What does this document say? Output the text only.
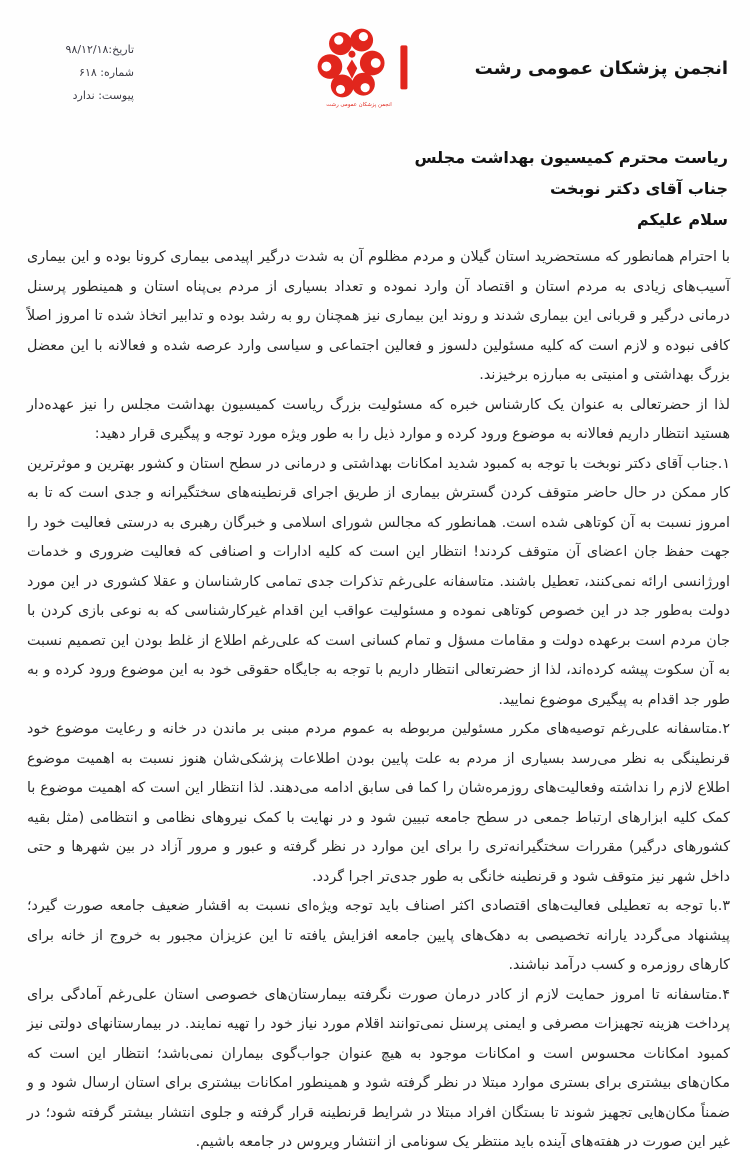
تاریخ:۹۸/۱۲/۱۸
شماره: ۶۱۸
پیوست: ندارد
انجمن پزشکان عمومی رشت
انجمن پزشکان عمومی رشت
ریاست محترم کمیسیون بهداشت مجلس
جناب آقای دکتر نوبخت
سلام علیکم

با احترام همانطور که مستحضرید استان گیلان و مردم مظلوم آن به شدت درگیر اپیدمی بیماری کرونا بوده و این بیماری آسیب‌های زیادی به مردم استان و اقتصاد آن وارد نموده و تعداد بسیاری از مردم بی‌پناه استان و همینطور پرسنل درمانی درگیر و قربانی این بیماری شدند و روند این بیماری نیز همچنان رو به رشد بوده و تدابیر اتخاذ شده تا امروز اصلاً کافی نبوده و لازم است که کلیه مسئولین دلسوز و فعالین اجتماعی و سیاسی وارد عرصه شده و فعالانه با این معضل بزرگ بهداشتی و امنیتی به مبارزه برخیزند.

لذا از حضرتعالی به عنوان یک کارشناس خبره که مسئولیت بزرگ ریاست کمیسیون بهداشت مجلس را نیز عهده‌دار هستید انتظار داریم فعالانه به موضوع ورود کرده و موارد ذیل را به طور ویژه مورد توجه و پیگیری قرار دهید:

۱.جناب آقای دکتر نوبخت با توجه به کمبود شدید امکانات بهداشتی و درمانی در سطح استان و کشور بهترین و موثرترین کار ممکن در حال حاضر متوقف کردن گسترش بیماری از طریق اجرای قرنطینه‌های سختگیرانه و جدی است که تا به امروز نسبت به آن کوتاهی شده است. همانطور که مجالس شورای اسلامی و خبرگان رهبری به درستی فعالیت خود را جهت حفظ جان اعضای آن متوقف کردند! انتظار این است که کلیه ادارات و اصنافی که فعالیت ضروری و خدمات اورژانسی ارائه نمی‌کنند، تعطیل باشند. متاسفانه علی‌رغم تذکرات جدی تمامی کارشناسان و عقلا کشوری در این مورد دولت به‌طور جد در این خصوص کوتاهی نموده و مسئولیت عواقب این اقدام غیرکارشناسی که به نوعی بازی کردن با جان مردم است برعهده دولت و مقامات مسؤل و تمام کسانی است که علی‌رغم اطلاع از غلط بودن این تصمیم نسبت به آن سکوت پیشه کرده‌اند، لذا از حضرتعالی انتظار داریم با توجه به جایگاه حقوقی خود به این موضوع ورود کرده و به طور جد اقدام به پیگیری موضوع نمایید.

۲.متاسفانه علی‌رغم توصیه‌های مکرر مسئولین مربوطه به عموم مردم مبنی بر ماندن در خانه و رعایت موضوع خود قرنطینگی به نظر می‌رسد بسیاری از مردم به علت پایین بودن اطلاعات پزشکی‌شان هنوز نسبت به اهمیت موضوع اطلاع لازم را نداشته وفعالیت‌های روزمره‌شان را کما فی سابق ادامه می‌دهند. لذا انتظار این است که اهمیت موضوع با کمک کلیه ابزارهای ارتباط جمعی در سطح جامعه تبیین شود و در نهایت با کمک نیروهای نظامی و انتظامی (مثل بقیه کشورهای درگیر) مقررات سختگیرانه‌تری را برای این موارد در نظر گرفته و عبور و مرور آزاد در بین شهرها و حتی داخل شهر نیز متوقف شود و قرنطینه خانگی به طور جدی‌تر اجرا گردد.

۳.با توجه به تعطیلی فعالیت‌های اقتصادی اکثر اصناف باید توجه ویژه‌ای نسبت به اقشار ضعیف جامعه صورت گیرد؛ پیشنهاد می‌گردد یارانه تخصیصی به دهک‌های پایین جامعه افزایش یافته تا این عزیزان مجبور به خروج از خانه برای کارهای روزمره و کسب درآمد نباشند.

۴.متاسفانه تا امروز حمایت لازم از کادر درمان صورت نگرفته بیمارستان‌های خصوصی استان علی‌رغم آمادگی برای پرداخت هزینه تجهیزات مصرفی و ایمنی پرسنل نمی‌توانند اقلام مورد نیاز خود را تهیه نمایند. در بیمارستانهای دولتی نیز کمبود امکانات محسوس است و امکانات موجود به هیچ عنوان جواب‌گوی بیماران نمی‌باشد؛ انتظار این است که مکان‌های بیشتری برای بستری موارد مبتلا در نظر گرفته شود و همینطور امکانات بیشتری برای استان ارسال شود و و ضمناً مکان‌هایی تجهیز شوند تا بستگان افراد مبتلا در شرایط قرنطینه قرار گرفته و جلوی انتشار بیشتر گرفته شود؛ در غیر این صورت در هفته‌های آینده باید منتظر یک سونامی از انتشار ویروس در جامعه باشیم.
